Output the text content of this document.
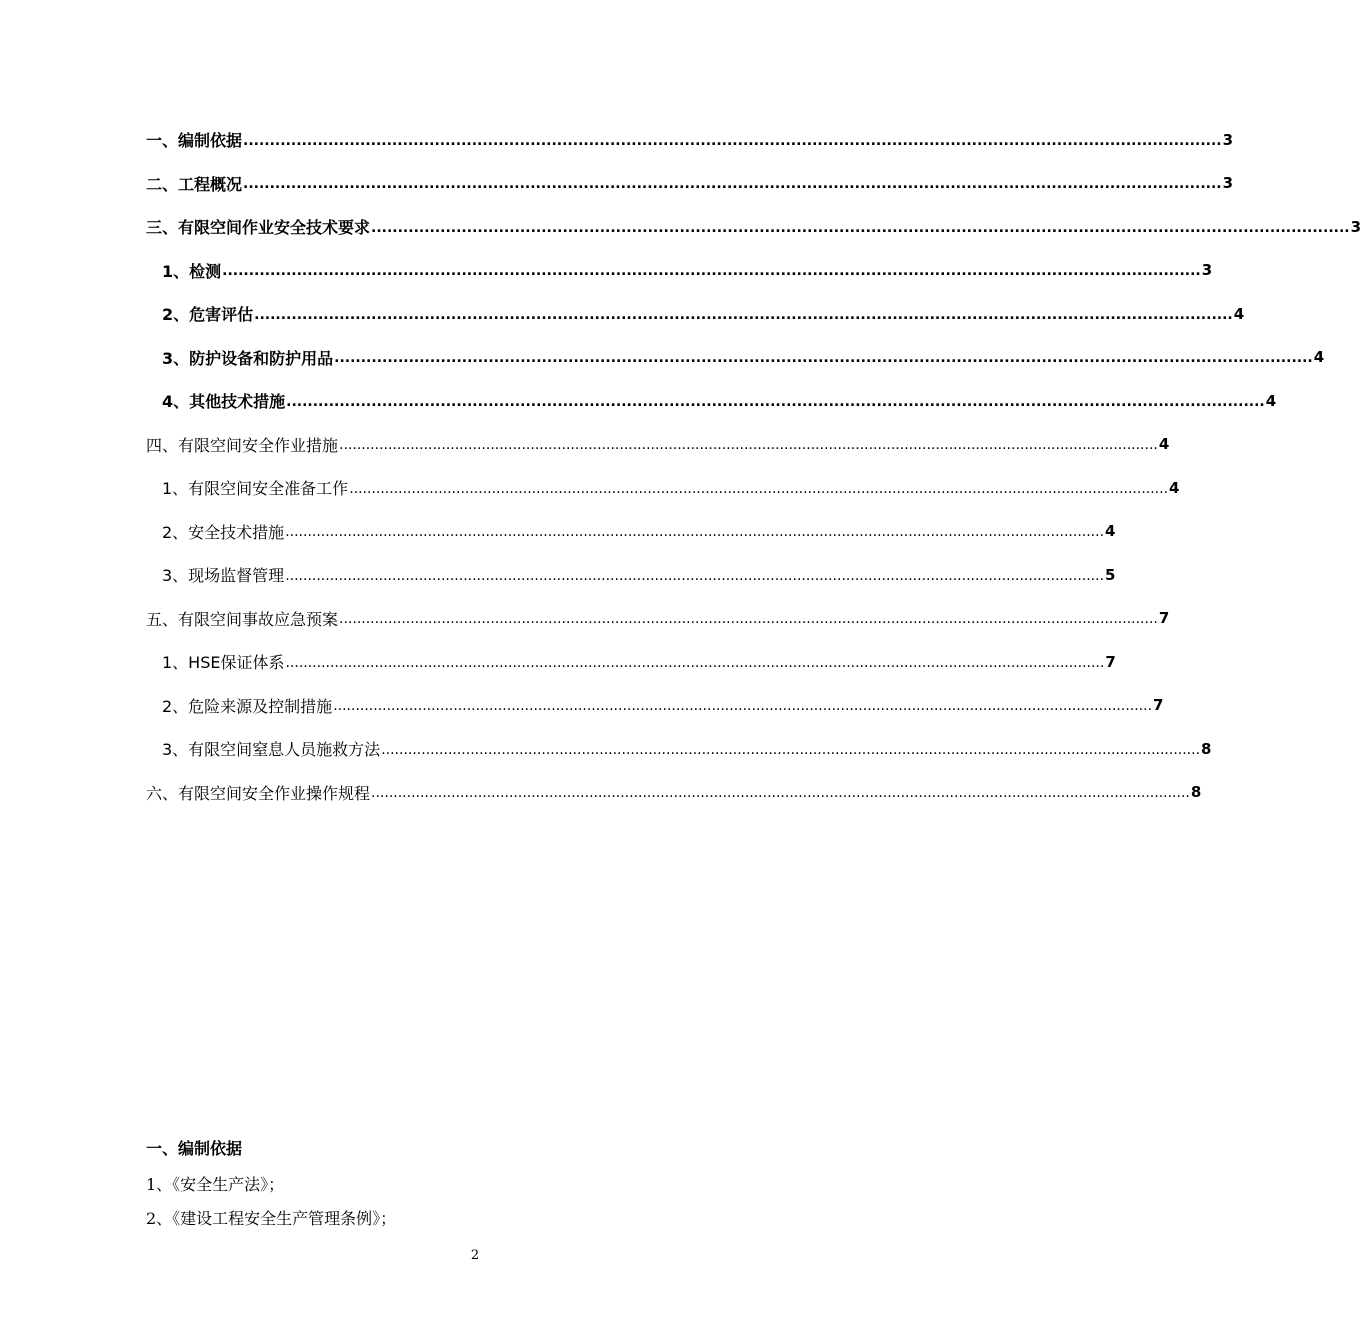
一、编制依据 ........................................................................................................................................................................................ 3
二、工程概况 ........................................................................................................................................................................................ 3
三、有限空间作业安全技术要求 ........................................................................................................................................................................................ 3
1、检测 ........................................................................................................................................................................................ 3
2、危害评估 ........................................................................................................................................................................................ 4
3、防护设备和防护用品 ........................................................................................................................................................................................ 4
4、其他技术措施 ........................................................................................................................................................................................ 4
四、有限空间安全作业措施 ........................................................................................................................................................................................ 4
1、有限空间安全准备工作 ........................................................................................................................................................................................ 4
2、安全技术措施 ........................................................................................................................................................................................ 4
3、现场监督管理 ........................................................................................................................................................................................ 5
五、有限空间事故应急预案 ........................................................................................................................................................................................ 7
1、HSE保证体系 ........................................................................................................................................................................................ 7
2、危险来源及控制措施 ........................................................................................................................................................................................ 7
3、有限空间窒息人员施救方法 ........................................................................................................................................................................................ 8
六、有限空间安全作业操作规程 ........................................................................................................................................................................................ 8
一、编制依据
1、《安全生产法》；
2、《建设工程安全生产管理条例》；
2
